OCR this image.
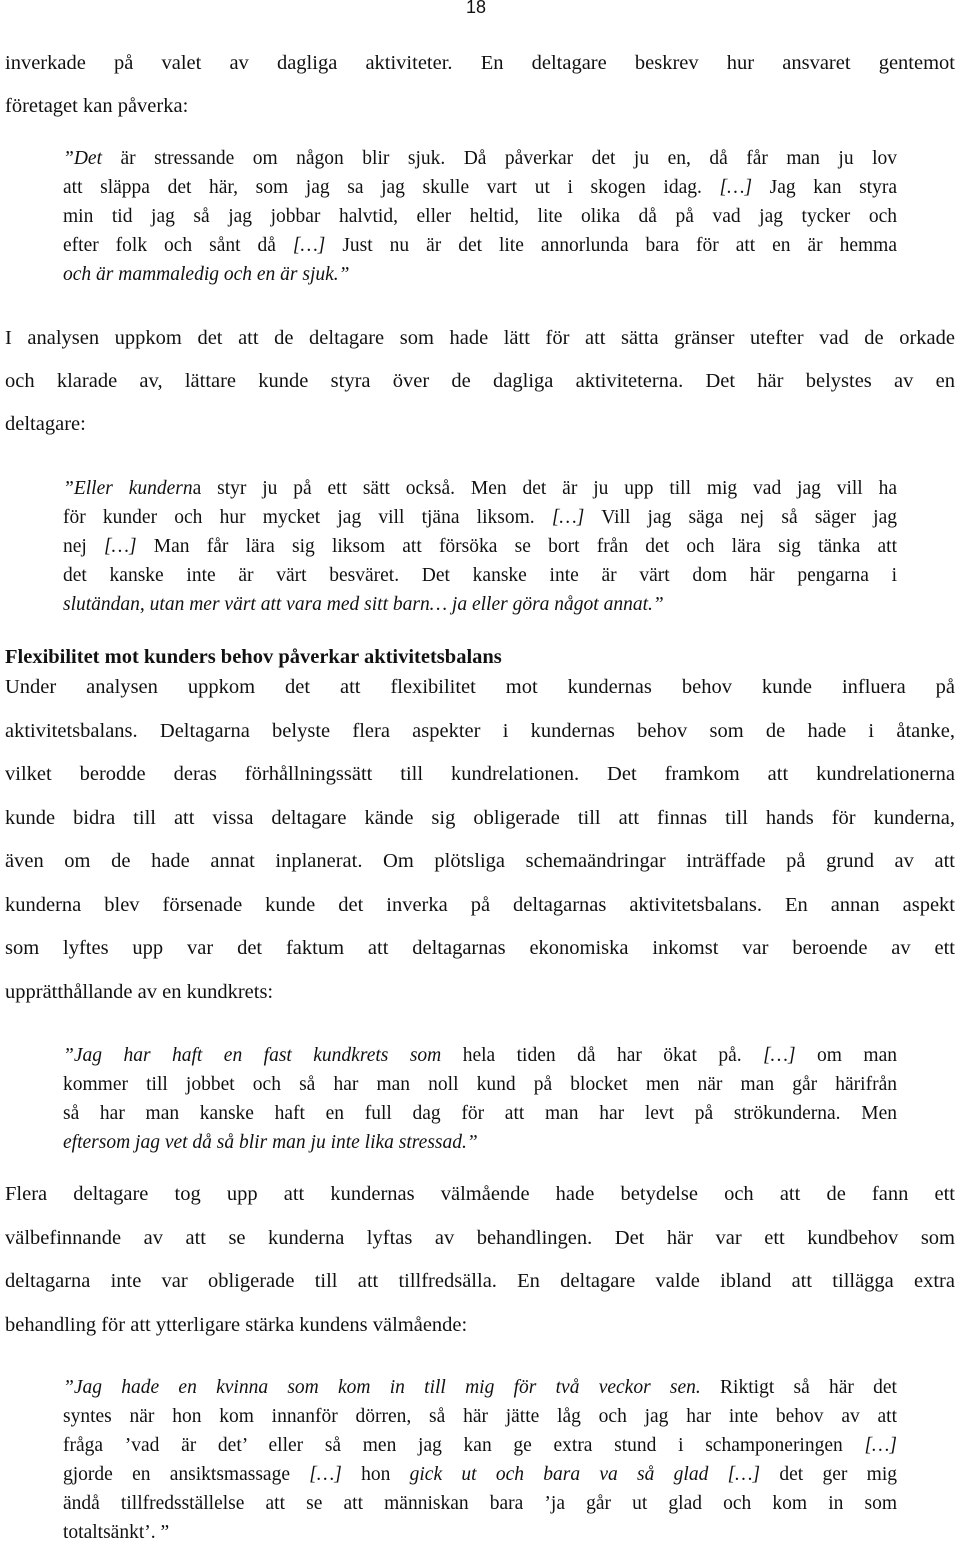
18
inverkade på valet av dagliga aktiviteter. En deltagare beskrev hur ansvaret gentemot
företaget kan påverka:
”Det är stressande om någon blir sjuk. Då påverkar det ju en, då får man ju lov
att släppa det här, som jag sa jag skulle vart ut i skogen idag. […] Jag kan styra
min tid jag så jag jobbar halvtid, eller heltid, lite olika då på vad jag tycker och
efter folk och sånt då […] Just nu är det lite annorlunda bara för att en är hemma
och är mammaledig och en är sjuk.”
I analysen uppkom det att de deltagare som hade lätt för att sätta gränser utefter vad de orkade
och klarade av, lättare kunde styra över de dagliga aktiviteterna. Det här belystes av en
deltagare:
”Eller kunderna styr ju på ett sätt också. Men det är ju upp till mig vad jag vill ha
för kunder och hur mycket jag vill tjäna liksom. […] Vill jag säga nej så säger jag
nej […] Man får lära sig liksom att försöka se bort från det och lära sig tänka att
det kanske inte är värt besväret. Det kanske inte är värt dom här pengarna i
slutändan, utan mer värt att vara med sitt barn… ja eller göra något annat.”
Flexibilitet mot kunders behov påverkar aktivitetsbalans
Under analysen uppkom det att flexibilitet mot kundernas behov kunde influera på
aktivitetsbalans. Deltagarna belyste flera aspekter i kundernas behov som de hade i åtanke,
vilket berodde deras förhållningssätt till kundrelationen. Det framkom att kundrelationerna
kunde bidra till att vissa deltagare kände sig obligerade till att finnas till hands för kunderna,
även om de hade annat inplanerat. Om plötsliga schemaändringar inträffade på grund av att
kunderna blev försenade kunde det inverka på deltagarnas aktivitetsbalans. En annan aspekt
som lyftes upp var det faktum att deltagarnas ekonomiska inkomst var beroende av ett
upprätthållande av en kundkrets:
”Jag har haft en fast kundkrets som hela tiden då har ökat på. […] om man
kommer till jobbet och så har man noll kund på blocket men när man går härifrån
så har man kanske haft en full dag för att man har levt på strökunderna. Men
eftersom jag vet då så blir man ju inte lika stressad.”
Flera deltagare tog upp att kundernas välmående hade betydelse och att de fann ett
välbefinnande av att se kunderna lyftas av behandlingen. Det här var ett kundbehov som
deltagarna inte var obligerade till att tillfredsälla. En deltagare valde ibland att tillägga extra
behandling för att ytterligare stärka kundens välmående:
”Jag hade en kvinna som kom in till mig för två veckor sen. Riktigt så här det
syntes när hon kom innanför dörren, så här jätte låg och jag har inte behov av att
fråga ’vad är det’ eller så men jag kan ge extra stund i schamponeringen […]
gjorde en ansiktsmassage […] hon gick ut och bara va så glad […] det ger mig
ändå tillfredsställelse att se att människan bara ’ja går ut glad och kom in som
totaltsänkt’. ”
